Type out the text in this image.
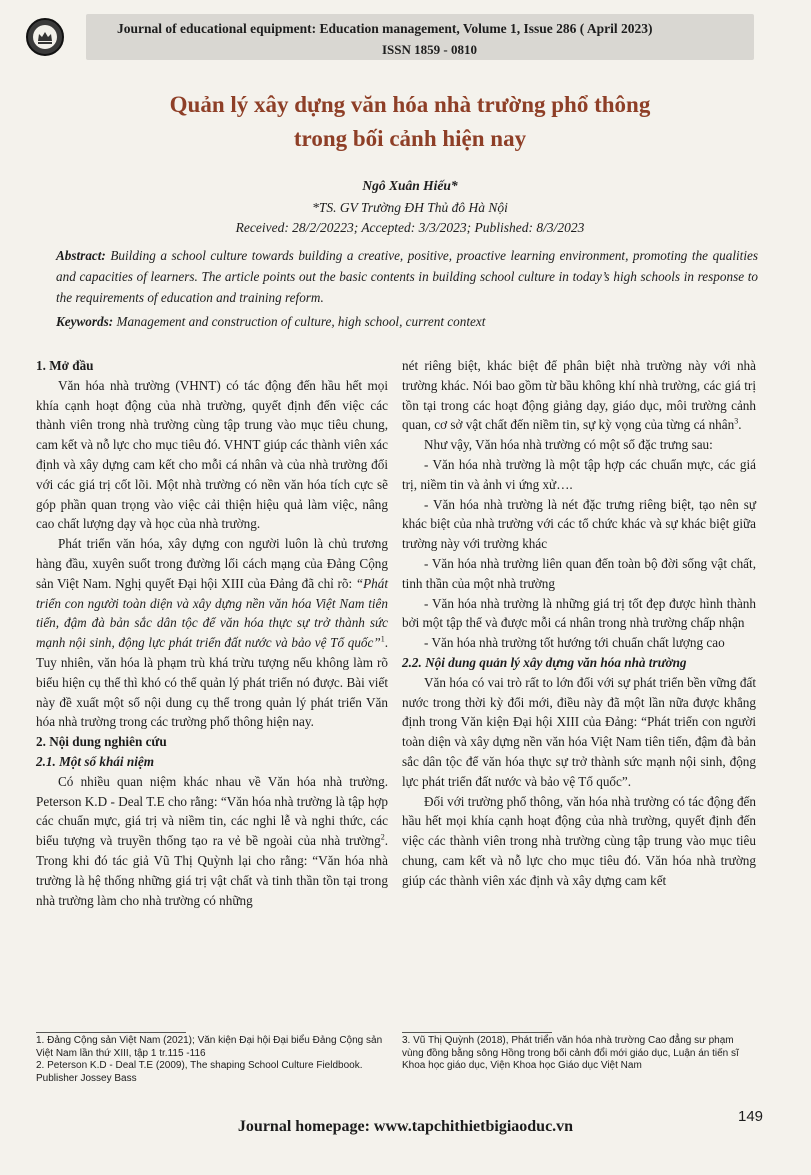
Journal of educational equipment: Education management, Volume 1, Issue 286 ( April 2023)
ISSN 1859 - 0810
Quản lý xây dựng văn hóa nhà trường phổ thông
trong bối cảnh hiện nay
Ngô Xuân Hiếu*
*TS. GV Trường ĐH Thủ đô Hà Nội
Received: 28/2/20223; Accepted: 3/3/2023; Published: 8/3/2023

Abstract: Building a school culture towards building a creative, positive, proactive learning environment, promoting the qualities and capacities of learners. The article points out the basic contents in building school culture in today’s high schools in response to the requirements of education and training reform.

Keywords: Management and construction of culture, high school, current context

1. Mở đầu

Văn hóa nhà trường (VHNT) có tác động đến hầu hết mọi khía cạnh hoạt động của nhà trường, quyết định đến việc các thành viên trong nhà trường cùng tập trung vào mục tiêu chung, cam kết và nỗ lực cho mục tiêu đó. VHNT giúp các thành viên xác định và xây dựng cam kết cho mỗi cá nhân và của nhà trường đối với các giá trị cốt lõi. Một nhà trường có nền văn hóa tích cực sẽ góp phần quan trọng vào việc cải thiện hiệu quả làm việc, nâng cao chất lượng dạy và học của nhà trường.

Phát triển văn hóa, xây dựng con người luôn là chủ trương hàng đầu, xuyên suốt trong đường lối cách mạng của Đảng Cộng sản Việt Nam. Nghị quyết Đại hội XIII của Đảng đã chỉ rõ: “Phát triển con người toàn diện và xây dựng nền văn hóa Việt Nam tiên tiến, đậm đà bản sắc dân tộc để văn hóa thực sự trở thành sức mạnh nội sinh, động lực phát triển đất nước và bảo vệ Tổ quốc”$^1$. Tuy nhiên, văn hóa là phạm trù khá trừu tượng nếu không làm rõ biểu hiện cụ thể thì khó có thể quản lý phát triển nó được. Bài viết này đề xuất một số nội dung cụ thể trong quản lý phát triển Văn hóa nhà trường trong các trường phổ thông hiện nay.

2. Nội dung nghiên cứu
2.1. Một số khái niệm

Có nhiều quan niệm khác nhau về Văn hóa nhà trường. Peterson K.D - Deal T.E cho rằng: “Văn hóa nhà trường là tập hợp các chuẩn mực, giá trị và niềm tin, các nghi lễ và nghi thức, các biểu tượng và truyền thống tạo ra vẻ bề ngoài của nhà trường$^2$. Trong khi đó tác giả Vũ Thị Quỳnh lại cho rằng: “Văn hóa nhà trường là hệ thống những giá trị vật chất và tinh thần tồn tại trong nhà trường làm cho nhà trường có những

nét riêng biệt, khác biệt để phân biệt nhà trường này với nhà trường khác. Nói bao gồm từ bầu không khí nhà trường, các giá trị tồn tại trong các hoạt động giảng dạy, giáo dục, môi trường cảnh quan, cơ sở vật chất đến niềm tin, sự kỳ vọng của từng cá nhân$^3$.

Như vậy, Văn hóa nhà trường có một số đặc trưng sau:

- Văn hóa nhà trường là một tập hợp các chuẩn mực, các giá trị, niềm tin và ảnh vi ứng xử….

- Văn hóa nhà trường là nét đặc trưng riêng biệt, tạo nên sự khác biệt của nhà trường với các tổ chức khác và sự khác biệt giữa trường này với trường khác

- Văn hóa nhà trường liên quan đến toàn bộ đời sống vật chất, tinh thần của một nhà trường

- Văn hóa nhà trường là những giá trị tốt đẹp được hình thành bởi một tập thể và được mỗi cá nhân trong nhà trường chấp nhận

- Văn hóa nhà trường tốt hướng tới chuẩn chất lượng cao

2.2. Nội dung quản lý xây dựng văn hóa nhà trường

Văn hóa có vai trò rất to lớn đối với sự phát triển bền vững đất nước trong thời kỳ đổi mới, điều này đã một lần nữa được khẳng định trong Văn kiện Đại hội XIII của Đảng: “Phát triển con người toàn diện và xây dựng nền văn hóa Việt Nam tiên tiến, đậm đà bản sắc dân tộc để văn hóa thực sự trở thành sức mạnh nội sinh, động lực phát triển đất nước và bảo vệ Tổ quốc”.

Đối với trường phổ thông, văn hóa nhà trường có tác động đến hầu hết mọi khía cạnh hoạt động của nhà trường, quyết định đến việc các thành viên trong nhà trường cùng tập trung vào mục tiêu chung, cam kết và nỗ lực cho mục tiêu đó. Văn hóa nhà trường giúp các thành viên xác định và xây dựng cam kết

1. Đảng Cộng sản Việt Nam (2021); Văn kiện Đại hội Đại biểu Đảng Cộng sản Việt Nam lần thứ XIII, tập 1 tr.115 -116
2. Peterson K.D - Deal T.E (2009), The shaping School Culture Fieldbook. Publisher Jossey Bass
3. Vũ Thị Quỳnh (2018), Phát triển văn hóa nhà trường Cao đẳng sư phạm vùng đồng bằng sông Hồng trong bối cảnh đổi mới giáo dục, Luận án tiến sĩ Khoa học giáo dục, Viện Khoa học Giáo dục Việt Nam
Journal homepage: www.tapchithietbigiaoduc.vn
149
